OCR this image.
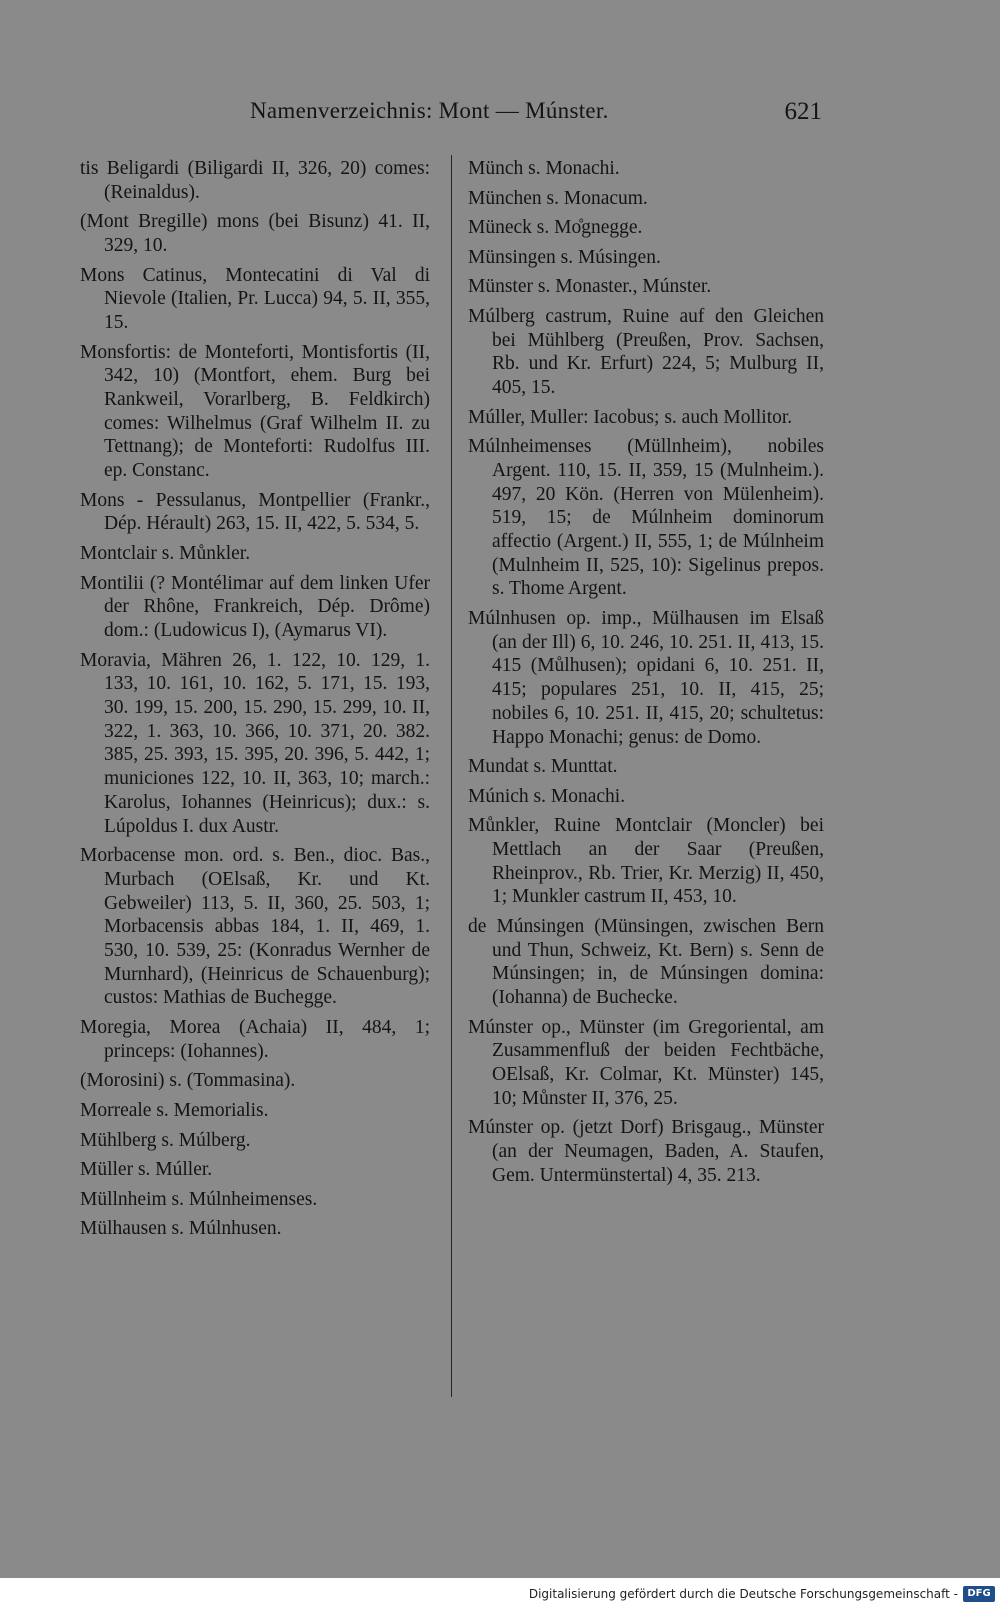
Namenverzeichnis: Mont — Múnster.	621

tis Beligardi (Biligardi II, 326, 20) comes: (Reinaldus).

(Mont Bregille) mons (bei Bisunz) 41. II, 329, 10.

Mons Catinus, Montecatini di Val di Nievole (Italien, Pr. Lucca) 94, 5. II, 355, 15.

Monsfortis: de Monteforti, Montisfortis (II, 342, 10) (Montfort, ehem. Burg bei Rankweil, Vorarlberg, B. Feldkirch) comes: Wilhelmus (Graf Wilhelm II. zu Tettnang); de Monteforti: Rudolfus III. ep. Constanc.

Mons - Pessulanus, Montpellier (Frankr., Dép. Hérault) 263, 15. II, 422, 5. 534, 5.

Montclair s. Můnkler.

Montilii (? Montélimar auf dem linken Ufer der Rhône, Frankreich, Dép. Drôme) dom.: (Ludowicus I), (Aymarus VI).

Moravia, Mähren 26, 1. 122, 10. 129, 1. 133, 10. 161, 10. 162, 5. 171, 15. 193, 30. 199, 15. 200, 15. 290, 15. 299, 10. II, 322, 1. 363, 10. 366, 10. 371, 20. 382. 385, 25. 393, 15. 395, 20. 396, 5. 442, 1; municiones 122, 10. II, 363, 10; march.: Karolus, Iohannes (Heinricus); dux.: s. Lúpoldus I. dux Austr.

Morbacense mon. ord. s. Ben., dioc. Bas., Murbach (OElsaß, Kr. und Kt. Gebweiler) 113, 5. II, 360, 25. 503, 1; Morbacensis abbas 184, 1. II, 469, 1. 530, 10. 539, 25: (Konradus Wernher de Murnhard), (Heinricus de Schauenburg); custos: Mathias de Buchegge.

Moregia, Morea (Achaia) II, 484, 1; princeps: (Iohannes).

(Morosini) s. (Tommasina).

Morreale s. Memorialis.

Mühlberg s. Múlberg.

Müller s. Múller.

Müllnheim s. Múlnheimenses.

Mülhausen s. Múlnhusen.

Münch s. Monachi.

München s. Monacum.

Müneck s. Mo̊gnegge.

Münsingen s. Músingen.

Münster s. Monaster., Múnster.

Múlberg castrum, Ruine auf den Gleichen bei Mühlberg (Preußen, Prov. Sachsen, Rb. und Kr. Erfurt) 224, 5; Mulburg II, 405, 15.

Múller, Muller: Iacobus; s. auch Mollitor.

Múlnheimenses (Müllnheim), nobiles Argent. 110, 15. II, 359, 15 (Mulnheim.). 497, 20 Kön. (Herren von Mülenheim). 519, 15; de Múlnheim dominorum affectio (Argent.) II, 555, 1; de Múlnheim (Mulnheim II, 525, 10): Sigelinus prepos. s. Thome Argent.

Múlnhusen op. imp., Mülhausen im Elsaß (an der Ill) 6, 10. 246, 10. 251. II, 413, 15. 415 (Můlhusen); opidani 6, 10. 251. II, 415; populares 251, 10. II, 415, 25; nobiles 6, 10. 251. II, 415, 20; schultetus: Happo Monachi; genus: de Domo.

Mundat s. Munttat.

Múnich s. Monachi.

Můnkler, Ruine Montclair (Moncler) bei Mettlach an der Saar (Preußen, Rheinprov., Rb. Trier, Kr. Merzig) II, 450, 1; Munkler castrum II, 453, 10.

de Múnsingen (Münsingen, zwischen Bern und Thun, Schweiz, Kt. Bern) s. Senn de Múnsingen; in, de Múnsingen domina: (Iohanna) de Buchecke.

Múnster op., Münster (im Gregoriental, am Zusammenfluß der beiden Fechtbäche, OElsaß, Kr. Colmar, Kt. Münster) 145, 10; Můnster II, 376, 25.

Múnster op. (jetzt Dorf) Brisgaug., Münster (an der Neumagen, Baden, A. Staufen, Gem. Untermünstertal) 4, 35. 213.

Digitalisierung gefördert durch die Deutsche Forschungsgemeinschaft - DFG
